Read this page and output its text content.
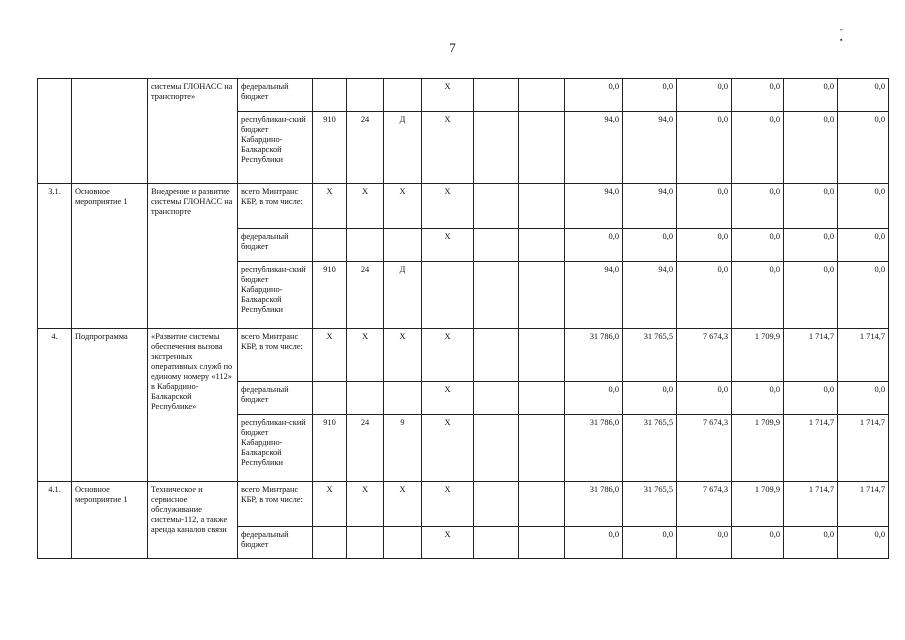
7
" ▪
		системы ГЛОНАСС на транспорте»	федеральный бюджет				X			0,0	0,0	0,0	0,0	0,0	0,0
			республикан-ский бюджет Кабардино-Балкарской Республики	910	24	Д	X			94,0	94,0	0,0	0,0	0,0	0,0
3.1.	Основное мероприятие 1	Внедрение и развитие системы ГЛОНАСС на транспорте	всего Минтранс КБР, в том числе:	X	X	X	X			94,0	94,0	0,0	0,0	0,0	0,0
			федеральный бюджет				X			0,0	0,0	0,0	0,0	0,0	0,0
			республикан-ский бюджет Кабардино-Балкарской Республики	910	24	Д				94,0	94,0	0,0	0,0	0,0	0,0
4.	Подпрограмма	«Развитие системы обеспечения вызова экстренных оперативных служб по единому номеру «112» в Кабардино-Балкарской Республике»	всего Минтранс КБР, в том числе:	X	X	X	X			31 786,0	31 765,5	7 674,3	1 709,9	1 714,7	1 714,7
			федеральный бюджет				X			0,0	0,0	0,0	0,0	0,0	0,0
			республикан-ский бюджет Кабардино-Балкарской Республики	910	24	9	X			31 786,0	31 765,5	7 674,3	1 709,9	1 714,7	1 714,7
4.1.	Основное мероприятие 1	Техническое и сервисное обслуживание системы-112, а также аренда каналов связи	всего Минтранс КБР, в том числе:	X	X	X	X			31 786,0	31 765,5	7 674,3	1 709,9	1 714,7	1 714,7
			федеральный бюджет				X			0,0	0,0	0,0	0,0	0,0	0,0
